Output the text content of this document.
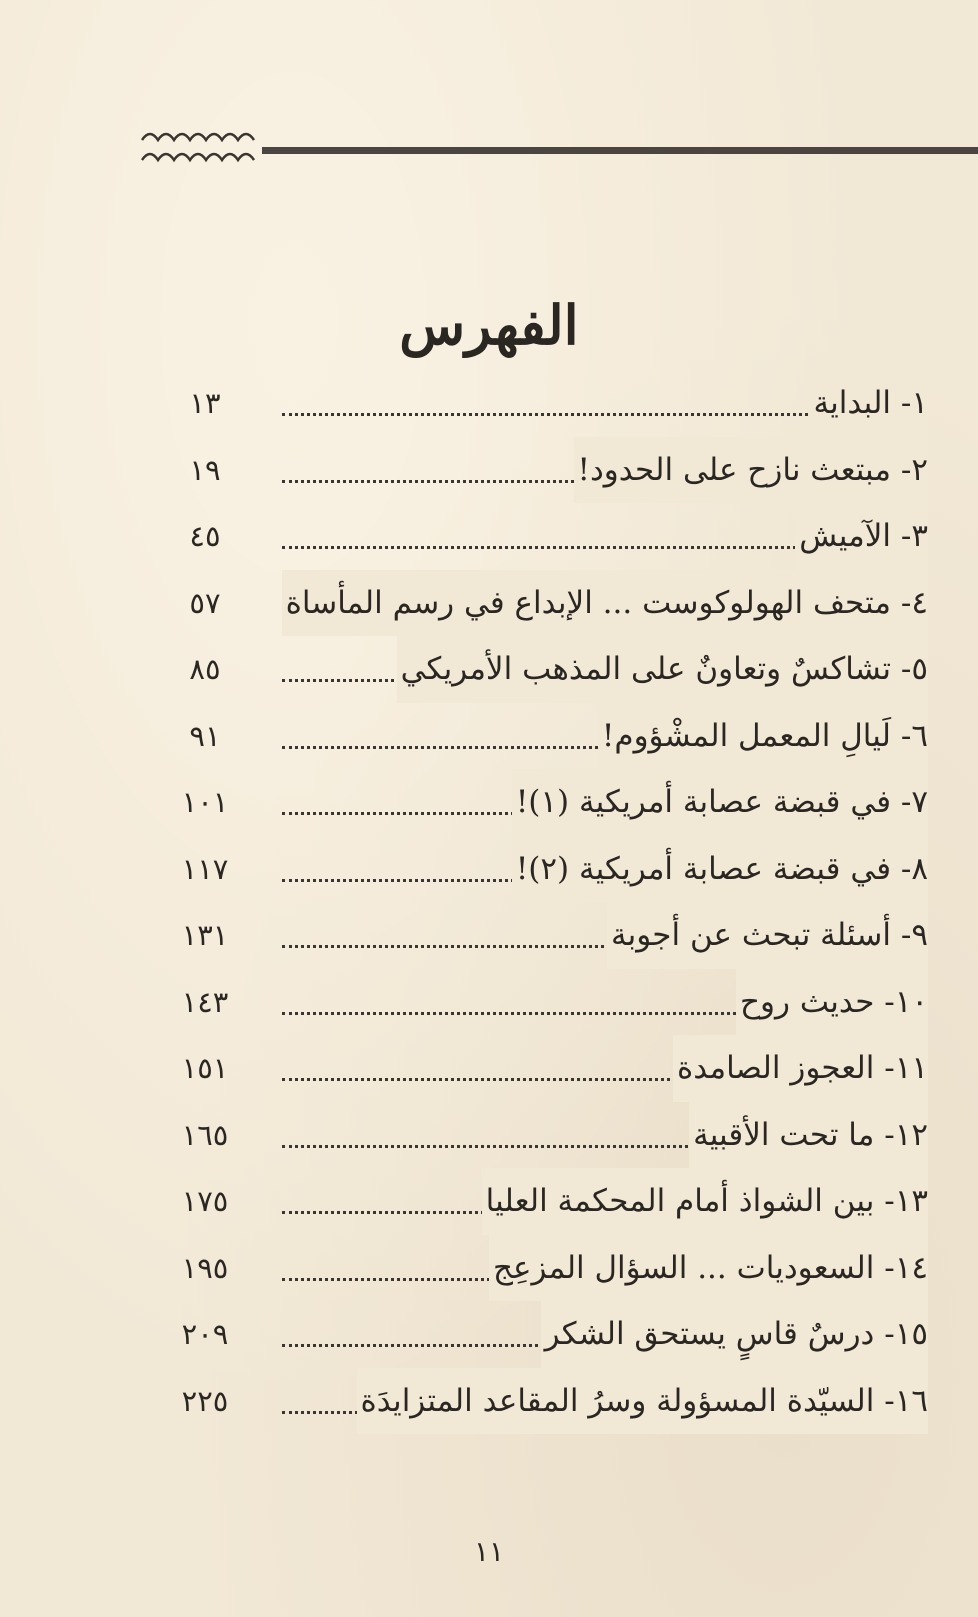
الفهرس
١- البداية
١٣
٢- مبتعث نازح على الحدود!
١٩
٣- الآميش
٤٥
٤- متحف الهولوكوست ... الإبداع في رسم المأساة
٥٧
٥- تشاكسٌ وتعاونٌ على المذهب الأمريكي
٨٥
٦- لَيالِ المعمل المشْؤوم!
٩١
٧- في قبضة عصابة أمريكية (١)!
١٠١
٨- في قبضة عصابة أمريكية (٢)!
١١٧
٩- أسئلة تبحث عن أجوبة
١٣١
١٠- حديث روح
١٤٣
١١- العجوز الصامدة
١٥١
١٢- ما تحت الأقبية
١٦٥
١٣- بين الشواذ أمام المحكمة العليا
١٧٥
١٤- السعوديات ... السؤال المزعِج
١٩٥
١٥- درسٌ قاسٍ يستحق الشكر
٢٠٩
١٦- السيّدة المسؤولة وسرُ المقاعد المتزايدَة
٢٢٥
١١
